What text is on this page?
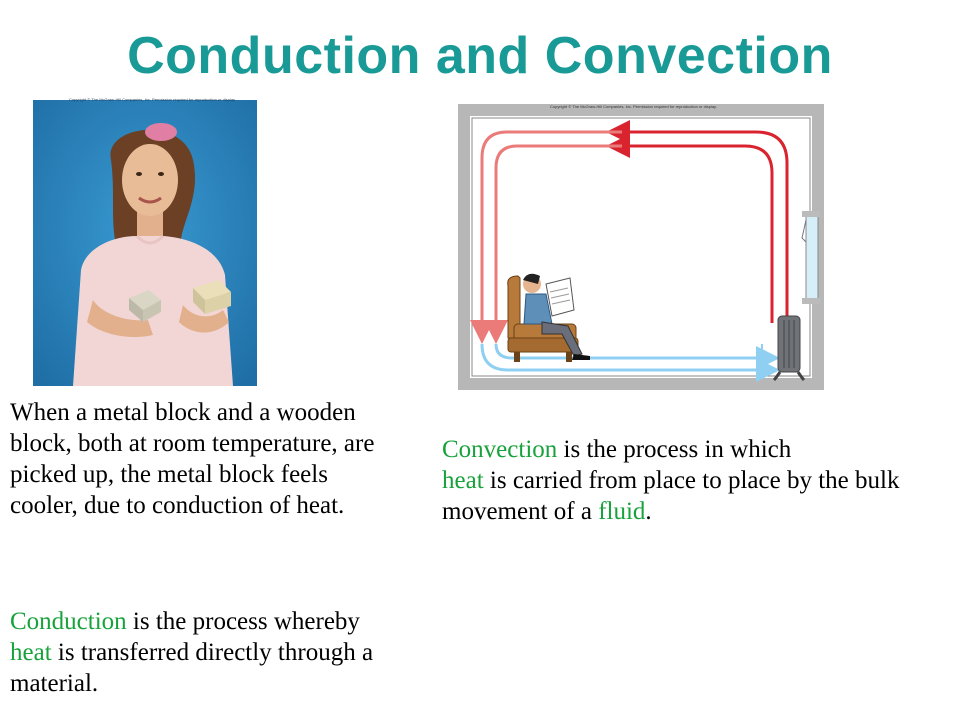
Conduction and Convection
Copyright © The McGraw-Hill Companies, Inc. Permission required for reproduction or display.
Copyright © The McGraw-Hill Companies, Inc. Permission required for reproduction or display.

When a metal block and a wooden block, both at room temperature, are picked up, the metal block feels cooler, due to conduction of heat.

Conduction is the process whereby heat is transferred directly through a material.

Convection is the process in which
heat is carried from place to place by the bulk movement of a fluid.
